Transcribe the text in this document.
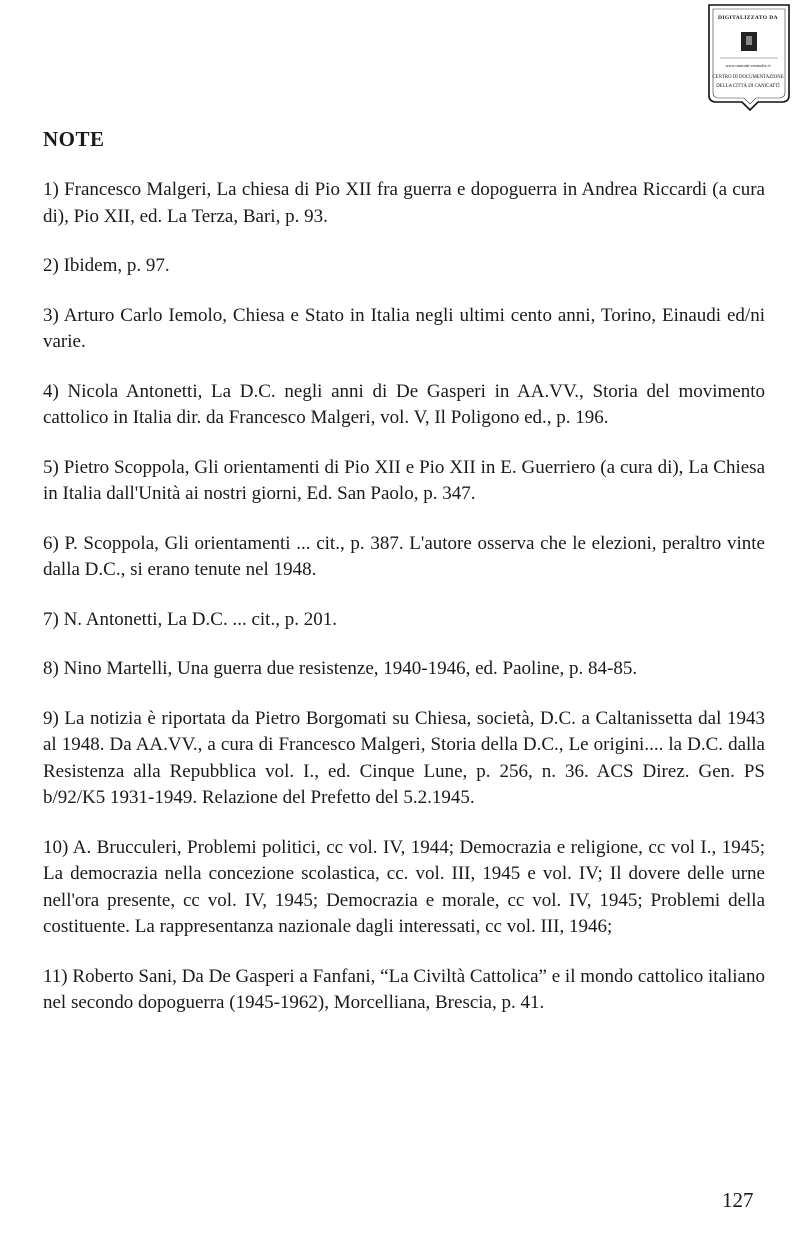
DIGITALIZZATO DA
www.canicatti-centrodoc.it
CENTRO DI DOCUMENTAZIONE
DELLA CITTÀ DI CANICATTÌ
NOTE
1) Francesco Malgeri, La chiesa di Pio XII fra guerra e dopoguerra in Andrea Riccardi (a cura di), Pio XII, ed. La Terza, Bari, p. 93.
2) Ibidem, p. 97.
3) Arturo Carlo Iemolo, Chiesa e Stato in Italia negli ultimi cento anni, Torino, Einaudi ed/ni varie.
4) Nicola Antonetti, La D.C. negli anni di De Gasperi in AA.VV., Storia del movimento cattolico in Italia dir. da Francesco Malgeri, vol. V, Il Poligono ed., p. 196.
5) Pietro Scoppola, Gli orientamenti di Pio XII e Pio XII in E. Guerriero (a cura di), La Chiesa in Italia dall'Unità ai nostri giorni, Ed. San Paolo, p. 347.
6) P. Scoppola, Gli orientamenti ... cit., p. 387. L'autore osserva che le elezioni, peraltro vinte dalla D.C., si erano tenute nel 1948.
7) N. Antonetti, La D.C. ... cit., p. 201.
8) Nino Martelli, Una guerra due resistenze, 1940-1946, ed. Paoline, p. 84-85.
9) La notizia è riportata da Pietro Borgomati su Chiesa, società, D.C. a Caltanissetta dal 1943 al 1948. Da AA.VV., a cura di Francesco Malgeri, Storia della D.C., Le origini.... la D.C. dalla Resistenza alla Repubblica vol. I., ed. Cinque Lune, p. 256, n. 36. ACS Direz. Gen. PS b/92/K5 1931-1949. Relazione del Prefetto del 5.2.1945.
10) A. Brucculeri, Problemi politici, cc vol. IV, 1944; Democrazia e religione, cc vol I., 1945; La democrazia nella concezione scolastica, cc. vol. III, 1945 e vol. IV; Il dovere delle urne nell'ora presente, cc vol. IV, 1945; Democrazia e morale, cc vol. IV, 1945; Problemi della costituente. La rappresentanza nazionale dagli interessati, cc vol. III, 1946;
11) Roberto Sani, Da De Gasperi a Fanfani, “La Civiltà Cattolica” e il mondo cattolico italiano nel secondo dopoguerra (1945-1962), Morcelliana, Brescia, p. 41.
127
